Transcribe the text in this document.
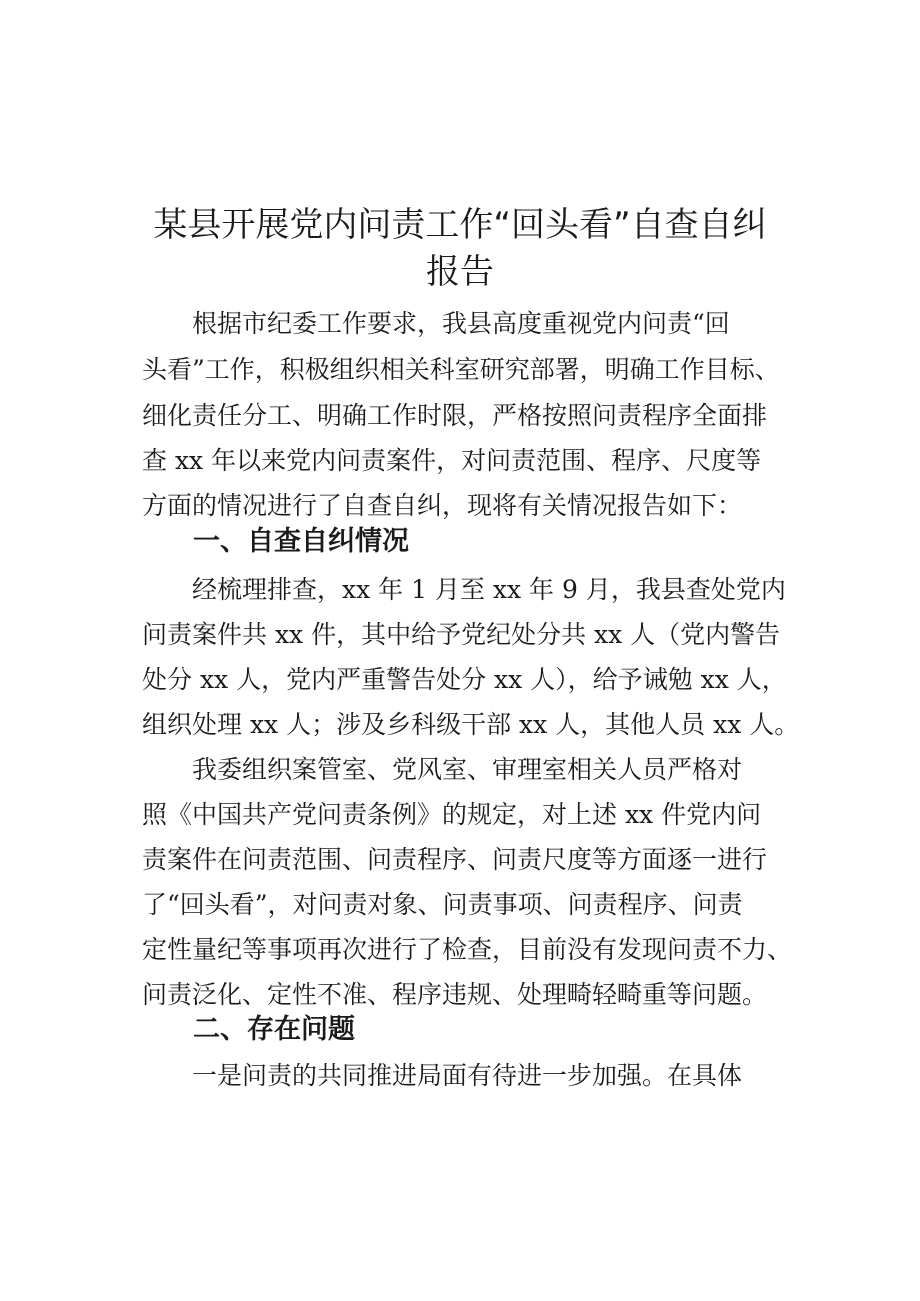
某县开展党内问责工作“回头看”自查自纠
报告

　　根据市纪委工作要求，我县高度重视党内问责“回

头看”工作，积极组织相关科室研究部署，明确工作目标、

细化责任分工、明确工作时限，严格按照问责程序全面排

查 xx 年以来党内问责案件，对问责范围、程序、尺度等

方面的情况进行了自查自纠，现将有关情况报告如下：

一、自查自纠情况

　　经梳理排查，xx 年 1 月至 xx 年 9 月，我县查处党内

问责案件共 xx 件，其中给予党纪处分共 xx 人（党内警告

处分 xx 人，党内严重警告处分 xx 人），给予诫勉 xx 人，

组织处理 xx 人；涉及乡科级干部 xx 人，其他人员 xx 人。

　　我委组织案管室、党风室、审理室相关人员严格对

照《中国共产党问责条例》的规定，对上述 xx 件党内问

责案件在问责范围、问责程序、问责尺度等方面逐一进行

了“回头看”，对问责对象、问责事项、问责程序、问责

定性量纪等事项再次进行了检查，目前没有发现问责不力、

问责泛化、定性不准、程序违规、处理畸轻畸重等问题。

二、存在问题

　　一是问责的共同推进局面有待进一步加强。在具体
